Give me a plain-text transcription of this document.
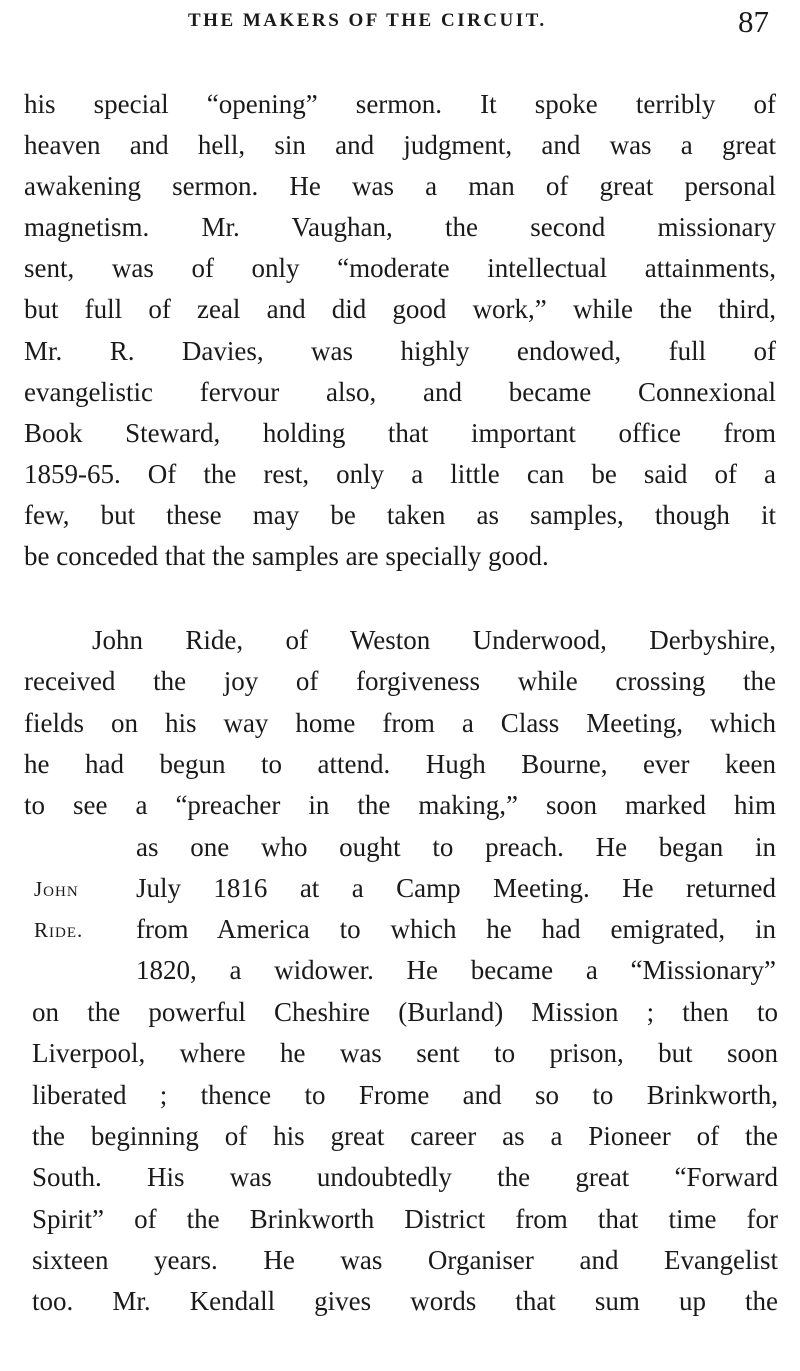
THE MAKERS OF THE CIRCUIT.	87
his special “opening” sermon. It spoke terribly of
heaven and hell, sin and judgment, and was a great
awakening sermon. He was a man of great personal
magnetism. Mr. Vaughan, the second missionary
sent, was of only “moderate intellectual attainments,
but full of zeal and did good work,” while the third,
Mr. R. Davies, was highly endowed, full of
evangelistic fervour also, and became Connexional
Book Steward, holding that important office from
1859-65. Of the rest, only a little can be said of a
few, but these may be taken as samples, though it
be conceded that the samples are specially good.
John Ride, of Weston Underwood, Derbyshire,
received the joy of forgiveness while crossing the
fields on his way home from a Class Meeting, which
he had begun to attend. Hugh Bourne, ever keen
to see a “preacher in the making,” soon marked him
as one who ought to preach. He began in
July 1816 at a Camp Meeting. He returned
from America to which he had emigrated, in
1820, a widower. He became a “Missionary”
on the powerful Cheshire (Burland) Mission ; then to
Liverpool, where he was sent to prison, but soon
liberated ; thence to Frome and so to Brinkworth,
the beginning of his great career as a Pioneer of the
South. His was undoubtedly the great “Forward
Spirit” of the Brinkworth District from that time for
sixteen years. He was Organiser and Evangelist
too. Mr. Kendall gives words that sum up the
John
Ride.
